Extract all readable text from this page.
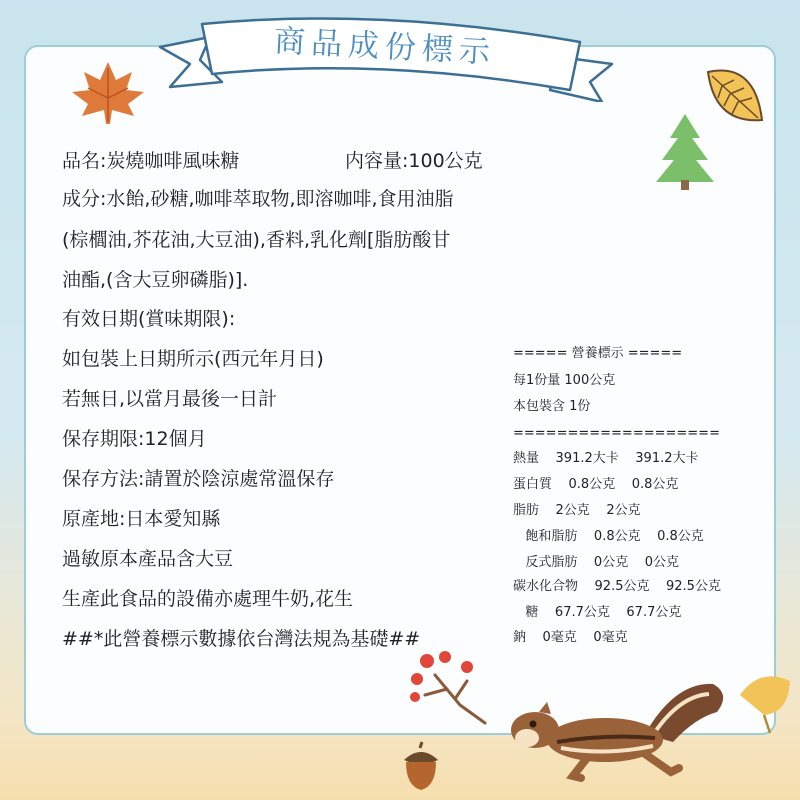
商品成份標示
品名:炭燒咖啡風味糖	内容量:100公克
成分:水飴,砂糖,咖啡萃取物,即溶咖啡,食用油脂
(棕櫚油,芥花油,大豆油),香料,乳化劑[脂肪酸甘
油酯,(含大豆卵磷脂)].
有效日期(賞味期限):
如包裝上日期所示(西元年月日)
若無日,以當月最後一日計
保存期限:12個月
保存方法:請置於陰涼處常溫保存
原產地:日本愛知縣
過敏原本產品含大豆
生產此食品的設備亦處理牛奶,花生
##*此營養標示數據依台灣法規為基礎##
===== 營養標示 =====
每1份量 100公克
本包裝含 1份
===================
熱量    391.2大卡    391.2大卡
蛋白質    0.8公克    0.8公克
脂肪    2公克    2公克
飽和脂肪    0.8公克    0.8公克
反式脂肪    0公克    0公克
碳水化合物    92.5公克    92.5公克
糖    67.7公克    67.7公克
鈉    0毫克    0毫克
